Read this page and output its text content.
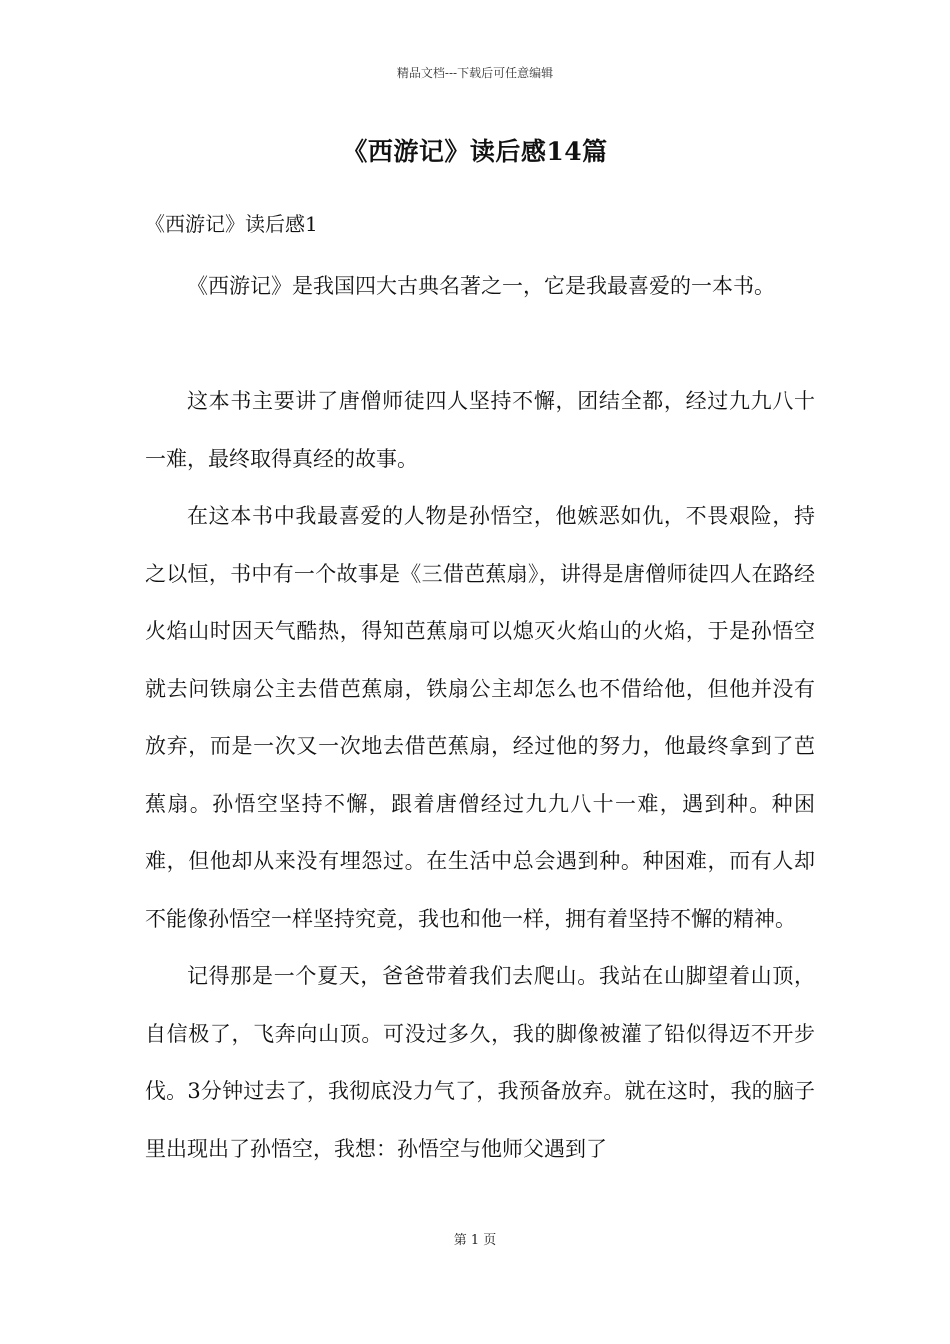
精品文档---下载后可任意编辑
《西游记》读后感14篇
《西游记》读后感1

《西游记》是我国四大古典名著之一，它是我最喜爱的一本书。

这本书主要讲了唐僧师徒四人坚持不懈，团结全都，经过九九八十一难，最终取得真经的故事。

在这本书中我最喜爱的人物是孙悟空，他嫉恶如仇，不畏艰险，持之以恒，书中有一个故事是《三借芭蕉扇》，讲得是唐僧师徒四人在路经火焰山时因天气酷热，得知芭蕉扇可以熄灭火焰山的火焰，于是孙悟空就去问铁扇公主去借芭蕉扇，铁扇公主却怎么也不借给他，但他并没有放弃，而是一次又一次地去借芭蕉扇，经过他的努力，他最终拿到了芭蕉扇。孙悟空坚持不懈，跟着唐僧经过九九八十一难，遇到种。种困难，但他却从来没有埋怨过。在生活中总会遇到种。种困难，而有人却不能像孙悟空一样坚持究竟，我也和他一样，拥有着坚持不懈的精神。

记得那是一个夏天，爸爸带着我们去爬山。我站在山脚望着山顶，自信极了，飞奔向山顶。可没过多久，我的脚像被灌了铅似得迈不开步伐。3分钟过去了，我彻底没力气了，我预备放弃。就在这时，我的脑子里出现出了孙悟空，我想：孙悟空与他师父遇到了

第 1 页
